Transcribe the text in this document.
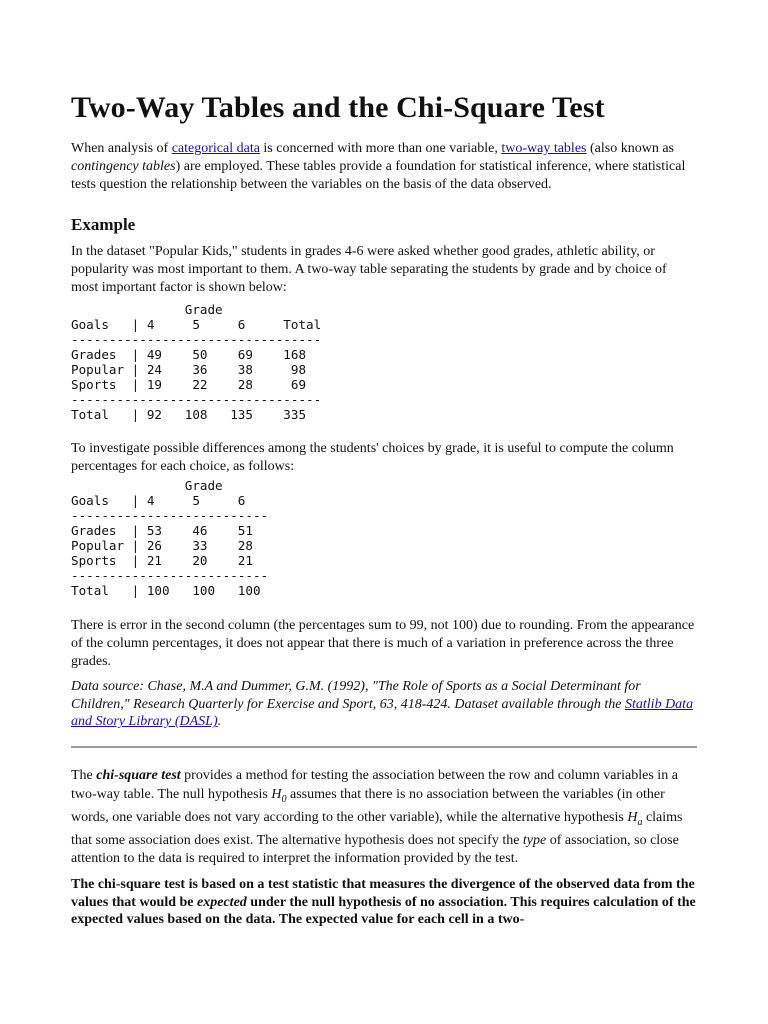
Two-Way Tables and the Chi-Square Test

When analysis of categorical data is concerned with more than one variable, two-way tables (also known as contingency tables) are employed. These tables provide a foundation for statistical inference, where statistical tests question the relationship between the variables on the basis of the data observed.

Example

In the dataset "Popular Kids," students in grades 4-6 were asked whether good grades, athletic ability, or popularity was most important to them. A two-way table separating the students by grade and by choice of most important factor is shown below:

Grade
Goals   | 4     5     6     Total
---------------------------------
Grades  | 49    50    69    168
Popular | 24    36    38     98
Sports  | 19    22    28     69
---------------------------------
Total   | 92   108   135    335

To investigate possible differences among the students' choices by grade, it is useful to compute the column percentages for each choice, as follows:

Grade
Goals   | 4     5     6
--------------------------
Grades  | 53    46    51
Popular | 26    33    28
Sports  | 21    20    21
--------------------------
Total   | 100   100   100

There is error in the second column (the percentages sum to 99, not 100) due to rounding. From the appearance of the column percentages, it does not appear that there is much of a variation in preference across the three grades.

Data source: Chase, M.A and Dummer, G.M. (1992), "The Role of Sports as a Social Determinant for Children," Research Quarterly for Exercise and Sport, 63, 418-424. Dataset available through the Statlib Data and Story Library (DASL).

The chi-square test provides a method for testing the association between the row and column variables in a two-way table. The null hypothesis $H_0$ assumes that there is no association between the variables (in other words, one variable does not vary according to the other variable), while the alternative hypothesis $H_a$ claims that some association does exist. The alternative hypothesis does not specify the type of association, so close attention to the data is required to interpret the information provided by the test.

The chi-square test is based on a test statistic that measures the divergence of the observed data from the values that would be expected under the null hypothesis of no association. This requires calculation of the expected values based on the data. The expected value for each cell in a two-
